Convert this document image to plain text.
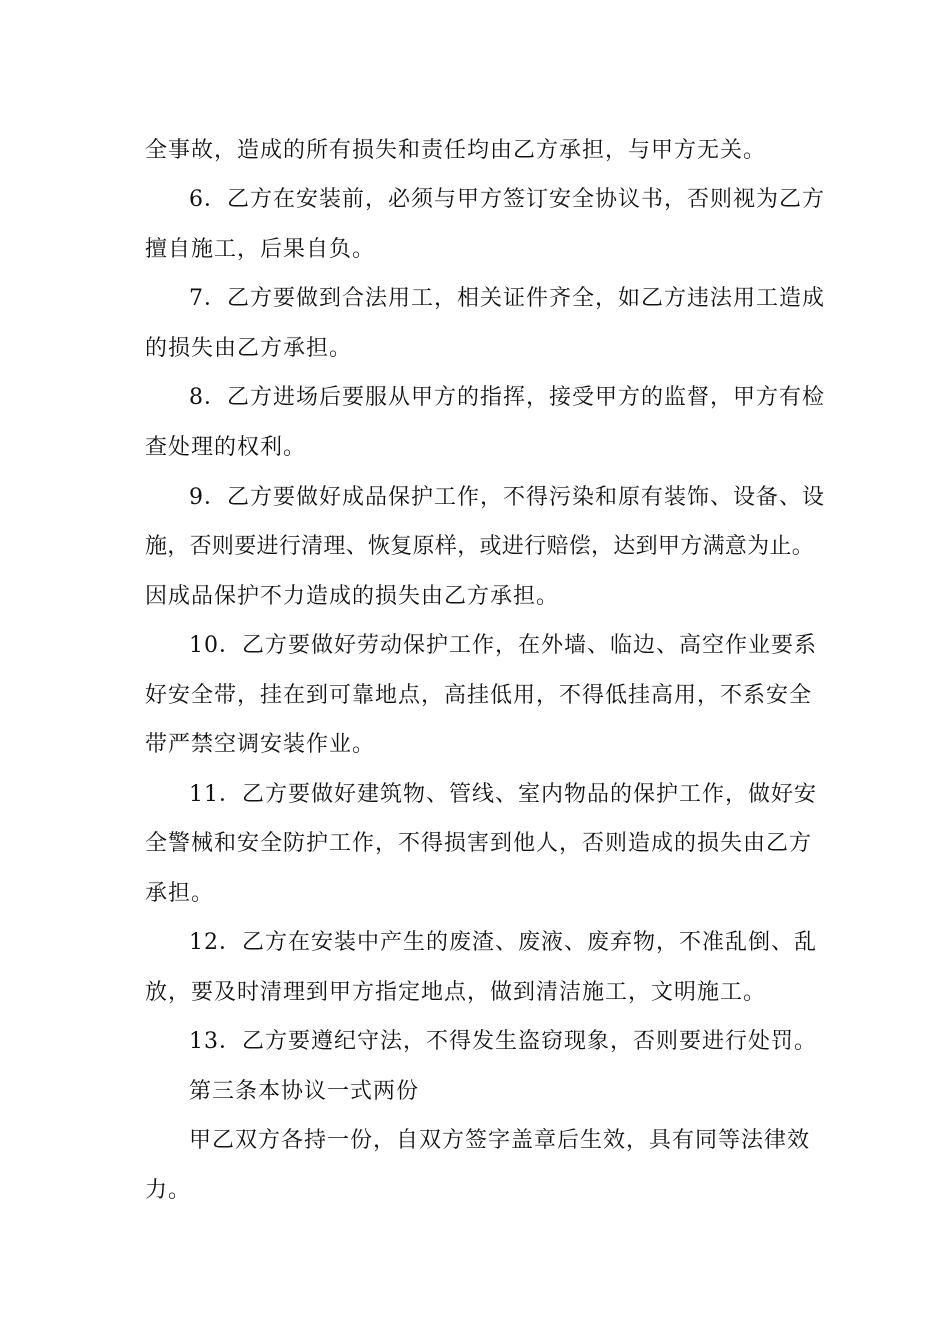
全事故，造成的所有损失和责任均由乙方承担，与甲方无关。
6．乙方在安装前，必须与甲方签订安全协议书，否则视为乙方
擅自施工，后果自负。
7．乙方要做到合法用工，相关证件齐全，如乙方违法用工造成
的损失由乙方承担。
8．乙方进场后要服从甲方的指挥，接受甲方的监督，甲方有检
查处理的权利。
9．乙方要做好成品保护工作，不得污染和原有装饰、设备、设
施，否则要进行清理、恢复原样，或进行赔偿，达到甲方满意为止。
因成品保护不力造成的损失由乙方承担。
10．乙方要做好劳动保护工作，在外墙、临边、高空作业要系
好安全带，挂在到可靠地点，高挂低用，不得低挂高用，不系安全
带严禁空调安装作业。
11．乙方要做好建筑物、管线、室内物品的保护工作，做好安
全警械和安全防护工作，不得损害到他人，否则造成的损失由乙方
承担。
12．乙方在安装中产生的废渣、废液、废弃物，不准乱倒、乱
放，要及时清理到甲方指定地点，做到清洁施工，文明施工。
13．乙方要遵纪守法，不得发生盗窃现象，否则要进行处罚。
第三条本协议一式两份
甲乙双方各持一份，自双方签字盖章后生效，具有同等法律效
力。
